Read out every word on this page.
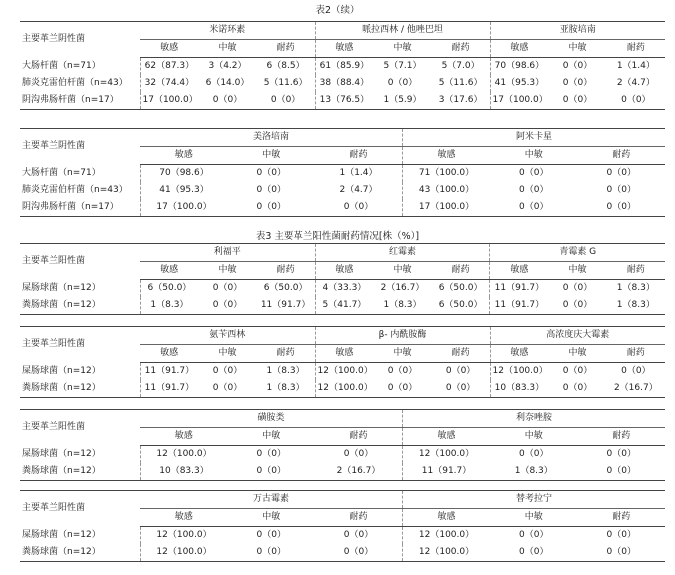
表2（续）
表3 主要革兰阳性菌耐药情况[株（%）]
主要革兰阴性菌	米诺环素			哌拉西林 / 他唑巴坦			亚胺培南		
	敏感	中敏	耐药	敏感	中敏	耐药	敏感	中敏	耐药
大肠杆菌（n=71）	62（87.3）	3（4.2）	6（8.5）	61（85.9）	5（7.1）	5（7.0）	70（98.6）	0（0）	1（1.4）
肺炎克雷伯杆菌（n=43）	32（74.4）	6（14.0）	5（11.6）	38（88.4）	0（0）	5（11.6）	41（95.3）	0（0）	2（4.7）
阴沟弗肠杆菌（n=17）	17（100.0）	0（0）	0（0）	13（76.5）	1（5.9）	3（17.6）	17（100.0）	0（0）	0（0）
主要革兰阴性菌	美洛培南			阿米卡星		
	敏感	中敏	耐药	敏感	中敏	耐药
大肠杆菌（n=71）	70（98.6）	0（0）	1（1.4）	71（100.0）	0（0）	0（0）
肺炎克雷伯杆菌（n=43）	41（95.3）	0（0）	2（4.7）	43（100.0）	0（0）	0（0）
阴沟弗肠杆菌（n=17）	17（100.0）	0（0）	0（0）	17（100.0）	0（0）	0（0）
主要革兰阳性菌	利福平			红霉素			青霉素 G		
	敏感	中敏	耐药	敏感	中敏	耐药	敏感	中敏	耐药
屎肠球菌（n=12）	6（50.0）	0（0）	6（50.0）	4（33.3）	2（16.7）	6（50.0）	11（91.7）	0（0）	1（8.3）
粪肠球菌（n=12）	1（8.3）	0（0）	11（91.7）	5（41.7）	1（8.3）	6（50.0）	11（91.7）	0（0）	1（8.3）
主要革兰阳性菌	氨苄西林			β- 内酰胺酶			高浓度庆大霉素		
	敏感	中敏	耐药	敏感	中敏	耐药	敏感	中敏	耐药
屎肠球菌（n=12）	11（91.7）	0（0）	1（8.3）	12（100.0）	0（0）	0（0）	12（100.0）	0（0）	0（0）
粪肠球菌（n=12）	11（91.7）	0（0）	1（8.3）	12（100.0）	0（0）	0（0）	10（83.3）	0（0）	2（16.7）
主要革兰阳性菌	磺胺类			利奈唑胺		
	敏感	中敏	耐药	敏感	中敏	耐药
屎肠球菌（n=12）	12（100.0）	0（0）	0（0）	12（100.0）	0（0）	0（0）
粪肠球菌（n=12）	10（83.3）	0（0）	2（16.7）	11（91.7）	1（8.3）	0（0）
主要革兰阳性菌	万古霉素			替考拉宁		
	敏感	中敏	耐药	敏感	中敏	耐药
屎肠球菌（n=12）	12（100.0）	0（0）	0（0）	12（100.0）	0（0）	0（0）
粪肠球菌（n=12）	12（100.0）	0（0）	0（0）	12（100.0）	0（0）	0（0）
